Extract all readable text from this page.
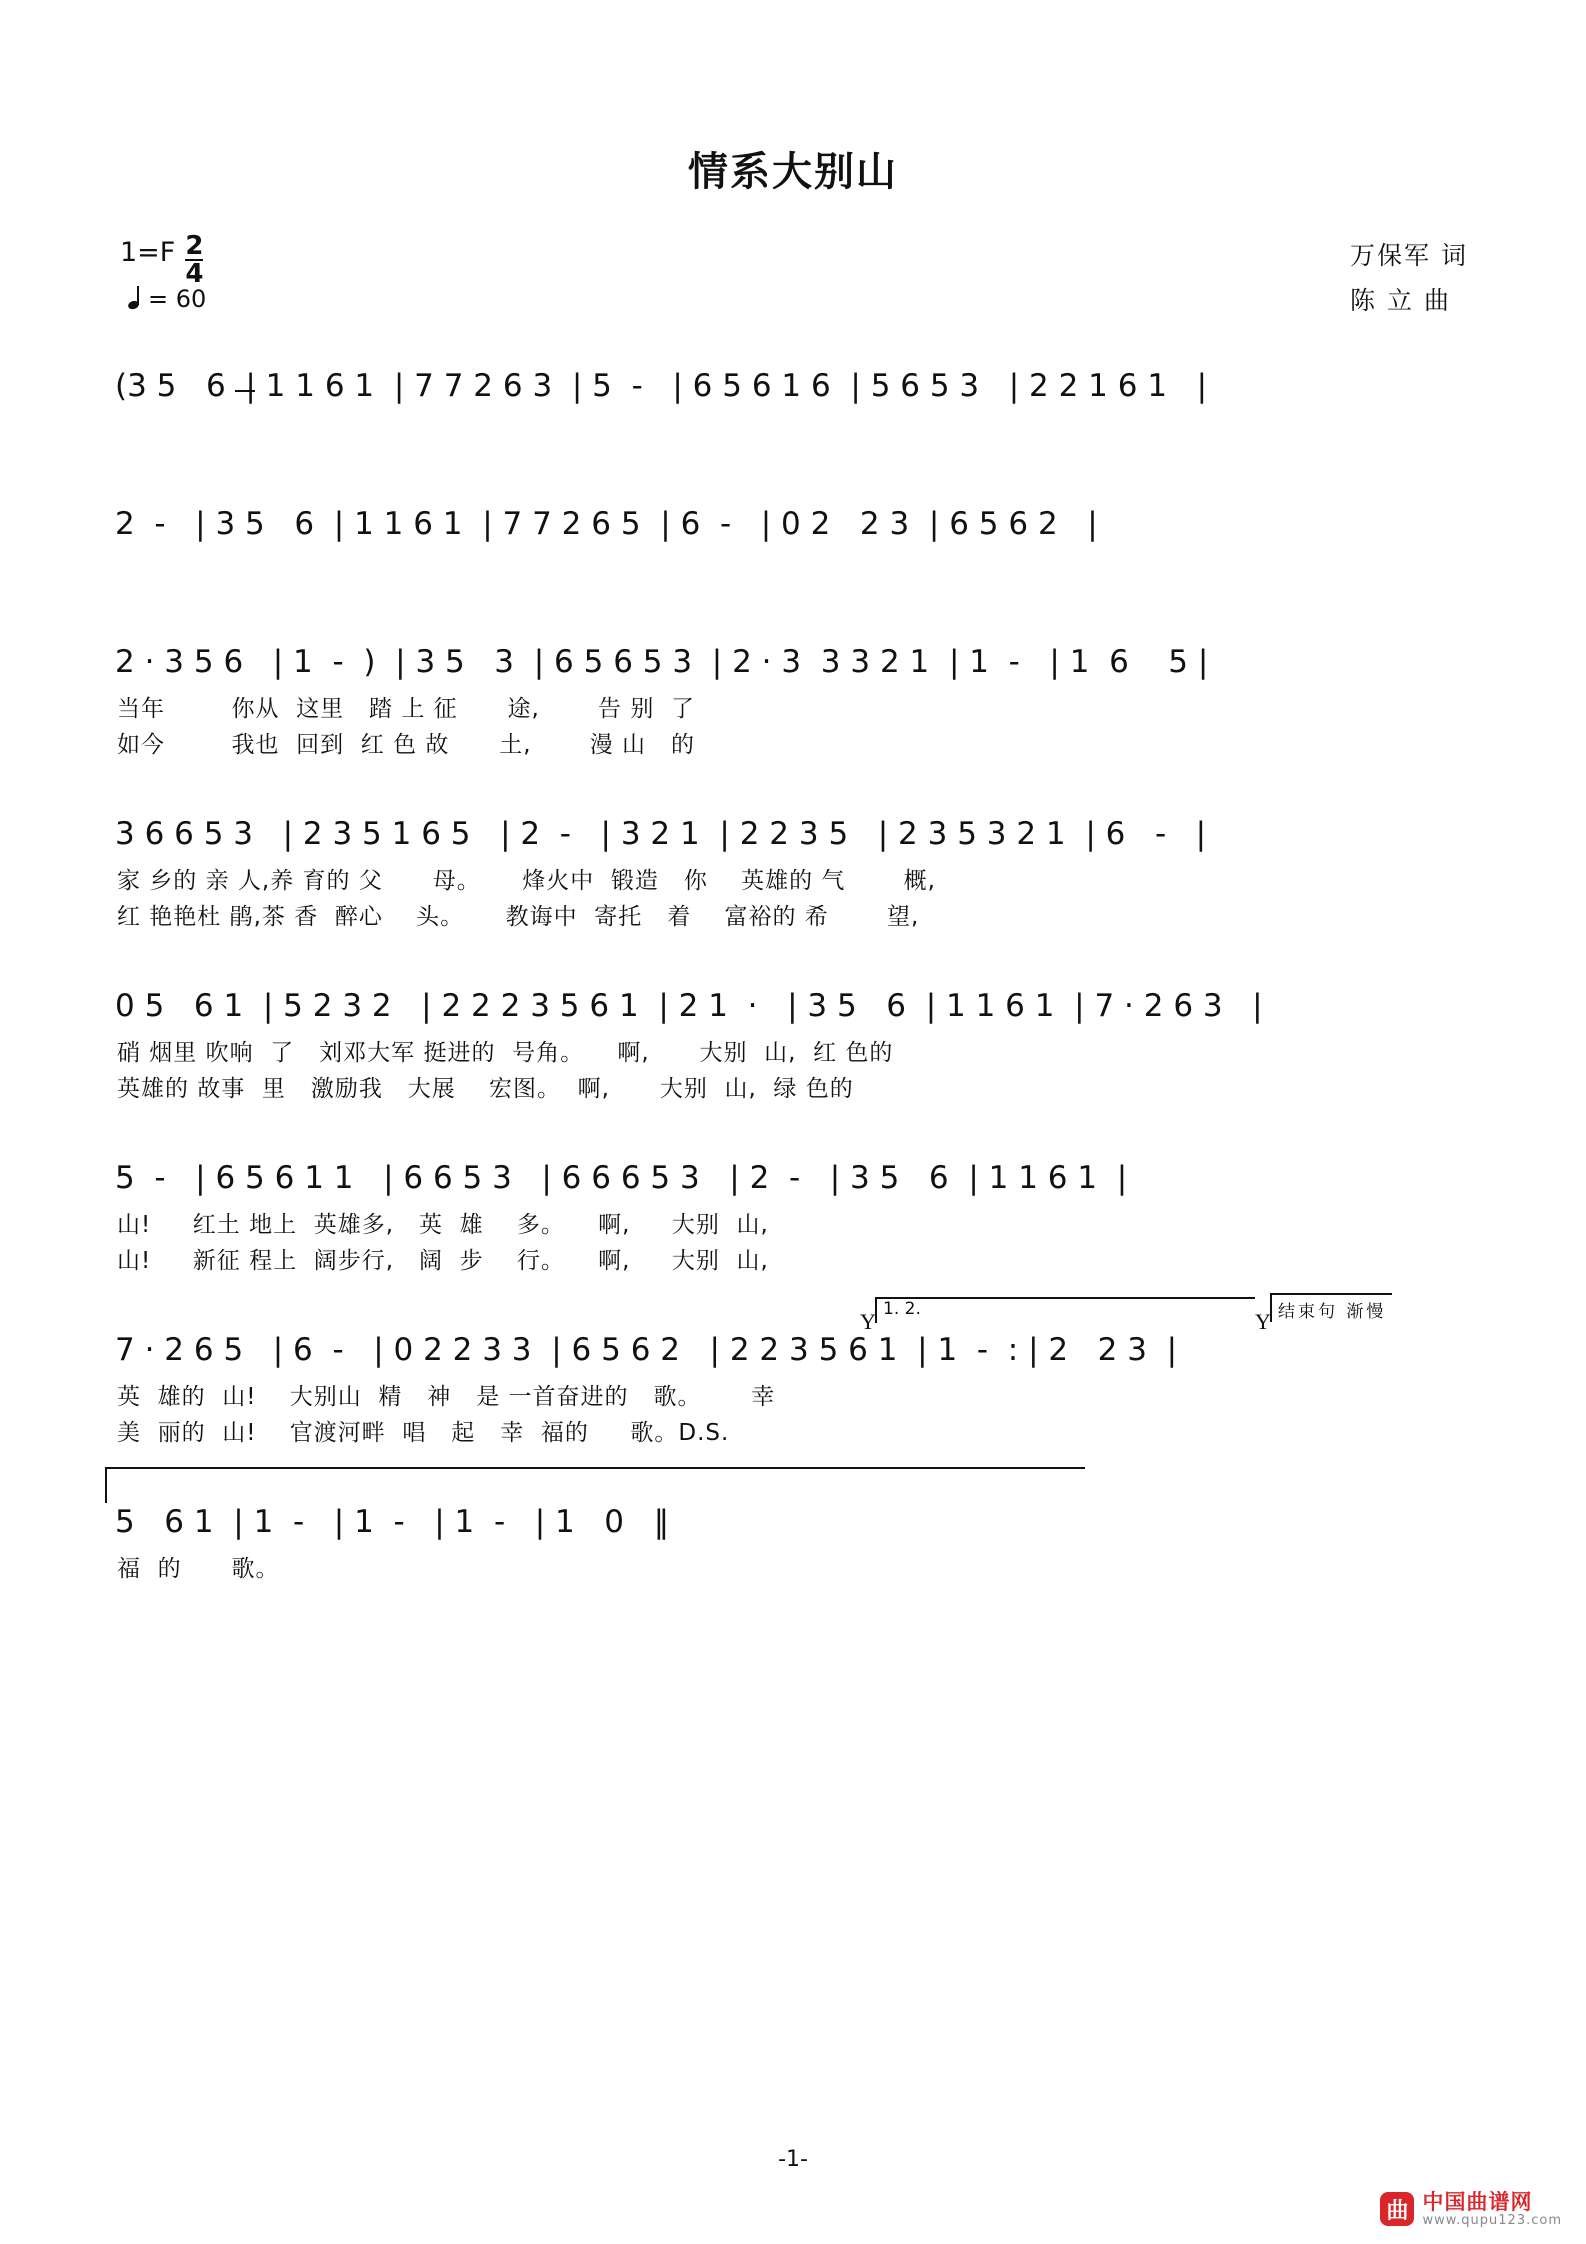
情系大别山
$1=F \frac{2}{4}$
= 60
万保军 词
陈 立 曲
(3 5   6  | 1 1 6 1  | 7 7 2 6 3  | 5  -   | 6 5 6 1 6  | 5 6 5 3   | 2 2 1 6 1   |
2  -   | 3 5   6  | 1 1 6 1  | 7 7 2 6 5  | 6  -   | 0 2   2 3  | 6 5 6 2   |
2 · 3 5 6   | 1  -  )  | 3 5   3  | 6 5 6 5 3  | 2 · 3  3 3 2 1  | 1  -   | 1  6    5 |
当年        你从  这里   踏 上 征      途,       告 别  了
如今        我也  回到  红 色 故      土,       漫 山   的
3 6 6 5 3   | 2 3 5 1 6 5   | 2  -   | 3 2 1  | 2 2 3 5   | 2 3 5 3 2 1  | 6   -   |
家 乡的 亲 人,养 育的 父      母。     烽火中  锻造   你    英雄的 气       概,
红 艳艳杜 鹃,茶 香  醉心    头。     教诲中  寄托   着    富裕的 希       望,
0 5   6 1  | 5 2 3 2   | 2 2 2 3 5 6 1  | 2 1  ·   | 3 5   6  | 1 1 6 1  | 7 · 2 6 3   |
硝 烟里 吹响  了   刘邓大军 挺进的  号角。    啊,      大别  山,  红 色的
英雄的 故事  里   激励我   大展    宏图。  啊,      大别  山,  绿 色的
5  -   | 6 5 6 1 1   | 6 6 5 3   | 6 6 6 5 3   | 2  -   | 3 5   6  | 1 1 6 1  |
山!     红土 地上  英雄多,   英  雄    多。    啊,     大别  山,
山!     新征 程上  阔步行,   阔  步    行。    啊,     大别  山,
1. 2.	结束句 渐慢
Υ	Υ
7 · 2 6 5   | 6  -   | 0 2 2 3 3  | 6 5 6 2   | 2 2 3 5 6 1  | 1  -  : | 2   2 3  |
英  雄的  山!    大别山  精   神   是 一首奋进的   歌。      幸
美  丽的  山!    官渡河畔  唱   起   幸  福的     歌。D.S.
5   6 1  | 1  -   | 1  -   | 1  -   | 1   0   ‖
福  的      歌。
-1-
曲 中国曲谱网
www.qupu123.com
